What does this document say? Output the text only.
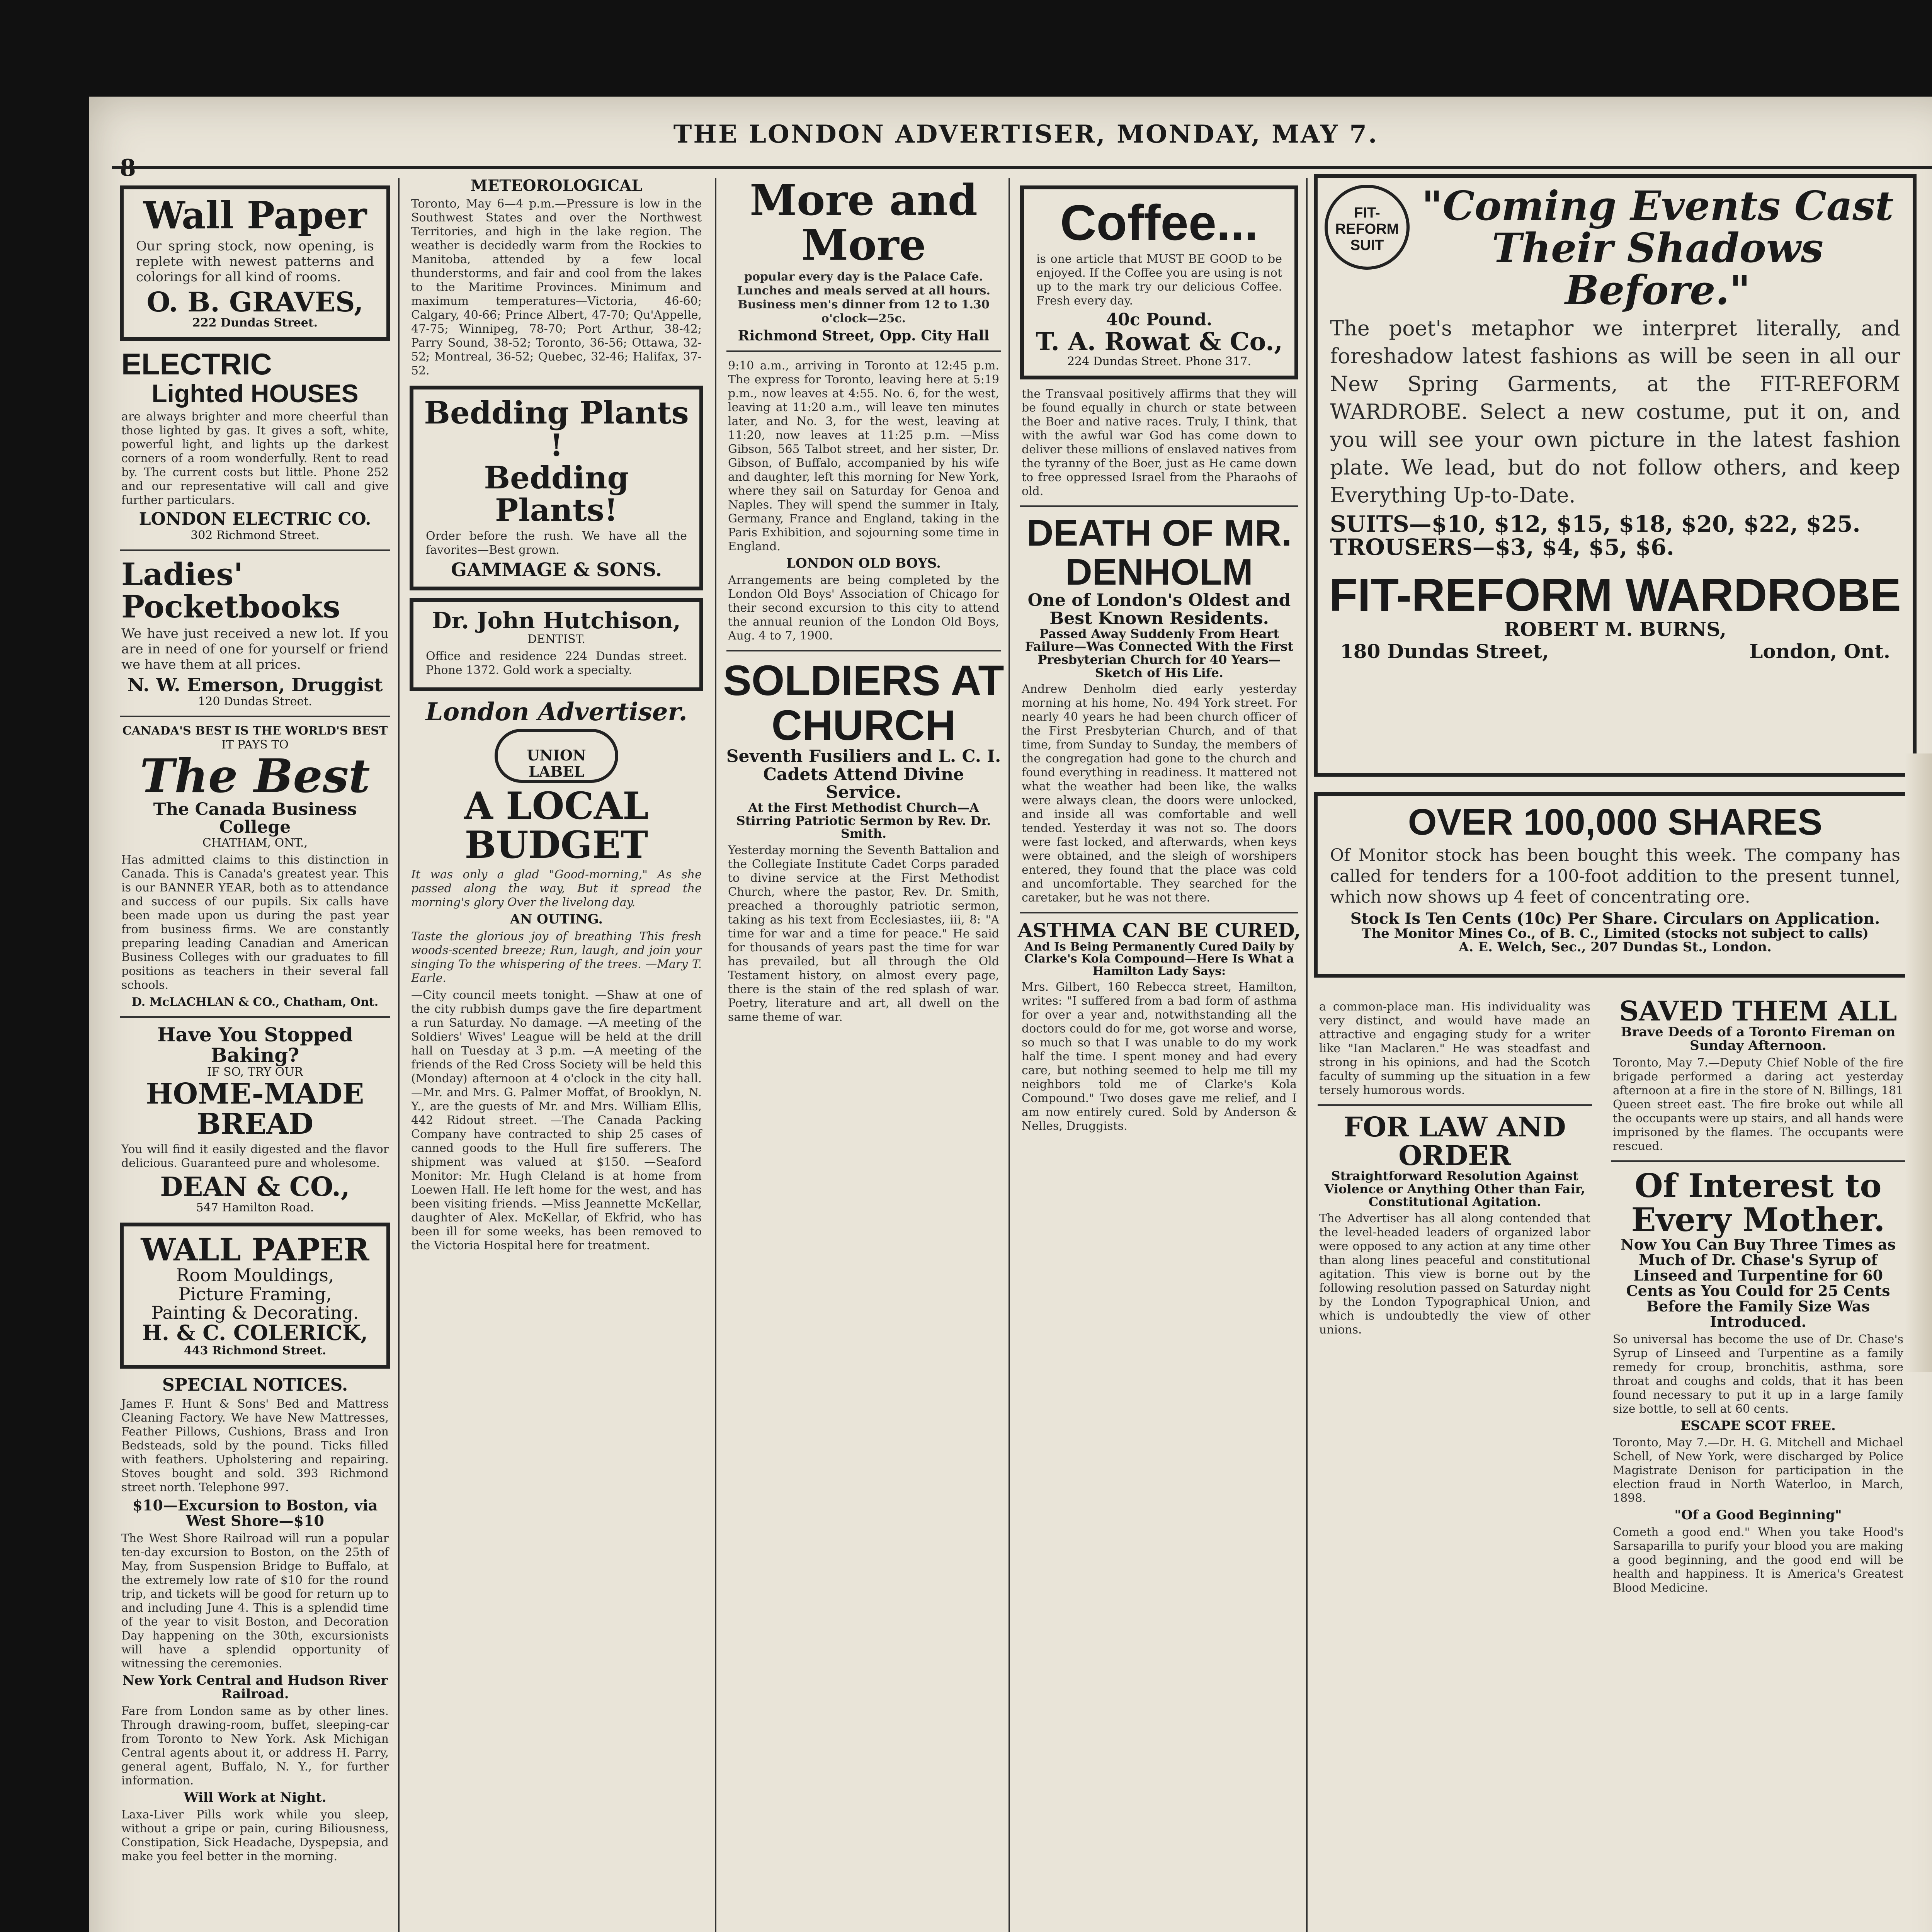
THE LONDON ADVERTISER, MONDAY, MAY 7.
8
Wall Paper
Our spring stock, now opening, is replete with newest patterns and colorings for all kind of rooms.
O. B. GRAVES,
222 Dundas Street.
ELECTRIC
Lighted HOUSES
are always brighter and more cheerful than those lighted by gas. It gives a soft, white, powerful light, and lights up the darkest corners of a room wonderfully. Rent to read by. The current costs but little. Phone 252 and our representative will call and give further particulars.
LONDON ELECTRIC CO.
302 Richmond Street.
Ladies' Pocketbooks
We have just received a new lot. If you are in need of one for yourself or friend we have them at all prices.
N. W. Emerson, Druggist
120 Dundas Street.
CANADA'S BEST IS THE WORLD'S BEST
IT PAYS TO
The Best
The Canada Business College
CHATHAM, ONT.,
Has admitted claims to this distinction in Canada. This is Canada's greatest year. This is our BANNER YEAR, both as to attendance and success of our pupils. Six calls have been made upon us during the past year from business firms. We are constantly preparing leading Canadian and American Business Colleges with our graduates to fill positions as teachers in their several fall schools.
D. McLACHLAN & CO., Chatham, Ont.
Have You Stopped Baking?
IF SO, TRY OUR
HOME-MADE BREAD
You will find it easily digested and the flavor delicious. Guaranteed pure and wholesome.
DEAN & CO.,
547 Hamilton Road.
WALL PAPER
Room Mouldings,
Picture Framing,
Painting & Decorating.
H. & C. COLERICK,
443 Richmond Street.
SPECIAL NOTICES.
James F. Hunt & Sons' Bed and Mattress Cleaning Factory. We have New Mattresses, Feather Pillows, Cushions, Brass and Iron Bedsteads, sold by the pound. Ticks filled with feathers. Upholstering and repairing. Stoves bought and sold. 393 Richmond street north. Telephone 997.
$10—Excursion to Boston, via West Shore—$10
The West Shore Railroad will run a popular ten-day excursion to Boston, on the 25th of May, from Suspension Bridge to Buffalo, at the extremely low rate of $10 for the round trip, and tickets will be good for return up to and including June 4. This is a splendid time of the year to visit Boston, and Decoration Day happening on the 30th, excursionists will have a splendid opportunity of witnessing the ceremonies.
New York Central and Hudson River Railroad.
Fare from London same as by other lines. Through drawing-room, buffet, sleeping-car from Toronto to New York. Ask Michigan Central agents about it, or address H. Parry, general agent, Buffalo, N. Y., for further information.
Will Work at Night.
Laxa-Liver Pills work while you sleep, without a gripe or pain, curing Biliousness, Constipation, Sick Headache, Dyspepsia, and make you feel better in the morning.
METEOROLOGICAL
Toronto, May 6—4 p.m.—Pressure is low in the Southwest States and over the Northwest Territories, and high in the lake region. The weather is decidedly warm from the Rockies to Manitoba, attended by a few local thunderstorms, and fair and cool from the lakes to the Maritime Provinces. Minimum and maximum temperatures—Victoria, 46-60; Calgary, 40-66; Prince Albert, 47-70; Qu'Appelle, 47-75; Winnipeg, 78-70; Port Arthur, 38-42; Parry Sound, 38-52; Toronto, 36-56; Ottawa, 32-52; Montreal, 36-52; Quebec, 32-46; Halifax, 37-52.
Bedding Plants !
Bedding Plants!
Order before the rush. We have all the favorites—Best grown.
GAMMAGE & SONS.
Dr. John Hutchison,
DENTIST.
Office and residence 224 Dundas street. Phone 1372. Gold work a specialty.
London Advertiser.
UNION LABEL
A LOCAL BUDGET
It was only a glad "Good-morning," As she passed along the way, But it spread the morning's glory Over the livelong day.
AN OUTING.
Taste the glorious joy of breathing This fresh woods-scented breeze; Run, laugh, and join your singing To the whispering of the trees. —Mary T. Earle.
—City council meets tonight. —Shaw at one of the city rubbish dumps gave the fire department a run Saturday. No damage. —A meeting of the Soldiers' Wives' League will be held at the drill hall on Tuesday at 3 p.m. —A meeting of the friends of the Red Cross Society will be held this (Monday) afternoon at 4 o'clock in the city hall. —Mr. and Mrs. G. Palmer Moffat, of Brooklyn, N. Y., are the guests of Mr. and Mrs. William Ellis, 442 Ridout street. —The Canada Packing Company have contracted to ship 25 cases of canned goods to the Hull fire sufferers. The shipment was valued at $150. —Seaford Monitor: Mr. Hugh Cleland is at home from Loewen Hall. He left home for the west, and has been visiting friends. —Miss Jeannette McKellar, daughter of Alex. McKellar, of Ekfrid, who has been ill for some weeks, has been removed to the Victoria Hospital here for treatment.
More and More
popular every day is the Palace Cafe. Lunches and meals served at all hours. Business men's dinner from 12 to 1.30 o'clock—25c.
Richmond Street, Opp. City Hall
9:10 a.m., arriving in Toronto at 12:45 p.m. The express for Toronto, leaving here at 5:19 p.m., now leaves at 4:55. No. 6, for the west, leaving at 11:20 a.m., will leave ten minutes later, and No. 3, for the west, leaving at 11:20, now leaves at 11:25 p.m. —Miss Gibson, 565 Talbot street, and her sister, Dr. Gibson, of Buffalo, accompanied by his wife and daughter, left this morning for New York, where they sail on Saturday for Genoa and Naples. They will spend the summer in Italy, Germany, France and England, taking in the Paris Exhibition, and sojourning some time in England.
LONDON OLD BOYS.
Arrangements are being completed by the London Old Boys' Association of Chicago for their second excursion to this city to attend the annual reunion of the London Old Boys, Aug. 4 to 7, 1900.
SOLDIERS AT CHURCH
Seventh Fusiliers and L. C. I. Cadets Attend Divine Service.
At the First Methodist Church—A Stirring Patriotic Sermon by Rev. Dr. Smith.
Yesterday morning the Seventh Battalion and the Collegiate Institute Cadet Corps paraded to divine service at the First Methodist Church, where the pastor, Rev. Dr. Smith, preached a thoroughly patriotic sermon, taking as his text from Ecclesiastes, iii, 8: "A time for war and a time for peace." He said for thousands of years past the time for war has prevailed, but all through the Old Testament history, on almost every page, there is the stain of the red splash of war. Poetry, literature and art, all dwell on the same theme of war.
Coffee...
is one article that MUST BE GOOD to be enjoyed. If the Coffee you are using is not up to the mark try our delicious Coffee. Fresh every day.
40c Pound.
T. A. Rowat & Co.,
224 Dundas Street. Phone 317.
the Transvaal positively affirms that they will be found equally in church or state between the Boer and native races. Truly, I think, that with the awful war God has come down to deliver these millions of enslaved natives from the tyranny of the Boer, just as He came down to free oppressed Israel from the Pharaohs of old.
DEATH OF MR. DENHOLM
One of London's Oldest and Best Known Residents.
Passed Away Suddenly From Heart Failure—Was Connected With the First Presbyterian Church for 40 Years—Sketch of His Life.
Andrew Denholm died early yesterday morning at his home, No. 494 York street. For nearly 40 years he had been church officer of the First Presbyterian Church, and of that time, from Sunday to Sunday, the members of the congregation had gone to the church and found everything in readiness. It mattered not what the weather had been like, the walks were always clean, the doors were unlocked, and inside all was comfortable and well tended. Yesterday it was not so. The doors were fast locked, and afterwards, when keys were obtained, and the sleigh of worshipers entered, they found that the place was cold and uncomfortable. They searched for the caretaker, but he was not there.
ASTHMA CAN BE CURED,
And Is Being Permanently Cured Daily by Clarke's Kola Compound—Here Is What a Hamilton Lady Says:
Mrs. Gilbert, 160 Rebecca street, Hamilton, writes: "I suffered from a bad form of asthma for over a year and, notwithstanding all the doctors could do for me, got worse and worse, so much so that I was unable to do my work half the time. I spent money and had every care, but nothing seemed to help me till my neighbors told me of Clarke's Kola Compound." Two doses gave me relief, and I am now entirely cured. Sold by Anderson & Nelles, Druggists.
a common-place man. His individuality was very distinct, and would have made an attractive and engaging study for a writer like "Ian Maclaren." He was steadfast and strong in his opinions, and had the Scotch faculty of summing up the situation in a few tersely humorous words.
FOR LAW AND ORDER
Straightforward Resolution Against Violence or Anything Other than Fair, Constitutional Agitation.
The Advertiser has all along contended that the level-headed leaders of organized labor were opposed to any action at any time other than along lines peaceful and constitutional agitation. This view is borne out by the following resolution passed on Saturday night by the London Typographical Union, and which is undoubtedly the view of other unions.
FIT-REFORM SUIT
"Coming Events Cast Their Shadows Before."
The poet's metaphor we interpret literally, and foreshadow latest fashions as will be seen in all our New Spring Garments, at the FIT-REFORM WARDROBE. Select a new costume, put it on, and you will see your own picture in the latest fashion plate. We lead, but do not follow others, and keep Everything Up-to-Date.
SUITS—$10, $12, $15, $18, $20, $22, $25.
TROUSERS—$3, $4, $5, $6.
FIT-REFORM WARDROBE
ROBERT M. BURNS,
180 Dundas Street,	London, Ont.
OVER 100,000 SHARES
Of Monitor stock has been bought this week. The company has called for tenders for a 100-foot addition to the present tunnel, which now shows up 4 feet of concentrating ore.
Stock Is Ten Cents (10c) Per Share. Circulars on Application.
The Monitor Mines Co., of B. C., Limited (stocks not subject to calls)
A. E. Welch, Sec., 207 Dundas St., London.
SAVED THEM ALL
Brave Deeds of a Toronto Fireman on Sunday Afternoon.
Toronto, May 7.—Deputy Chief Noble of the fire brigade performed a daring act yesterday afternoon at a fire in the store of N. Billings, 181 Queen street east. The fire broke out while all the occupants were up stairs, and all hands were imprisoned by the flames. The occupants were rescued.
Of Interest to Every Mother.
Now You Can Buy Three Times as Much of Dr. Chase's Syrup of Linseed and Turpentine for 60 Cents as You Could for 25 Cents Before the Family Size Was Introduced.
So universal has become the use of Dr. Chase's Syrup of Linseed and Turpentine as a family remedy for croup, bronchitis, asthma, sore throat and coughs and colds, that it has been found necessary to put it up in a large family size bottle, to sell at 60 cents.
ESCAPE SCOT FREE.
Toronto, May 7.—Dr. H. G. Mitchell and Michael Schell, of New York, were discharged by Police Magistrate Denison for participation in the election fraud in North Waterloo, in March, 1898.
"Of a Good Beginning"
Cometh a good end." When you take Hood's Sarsaparilla to purify your blood you are making a good beginning, and the good end will be health and happiness. It is America's Greatest Blood Medicine.
